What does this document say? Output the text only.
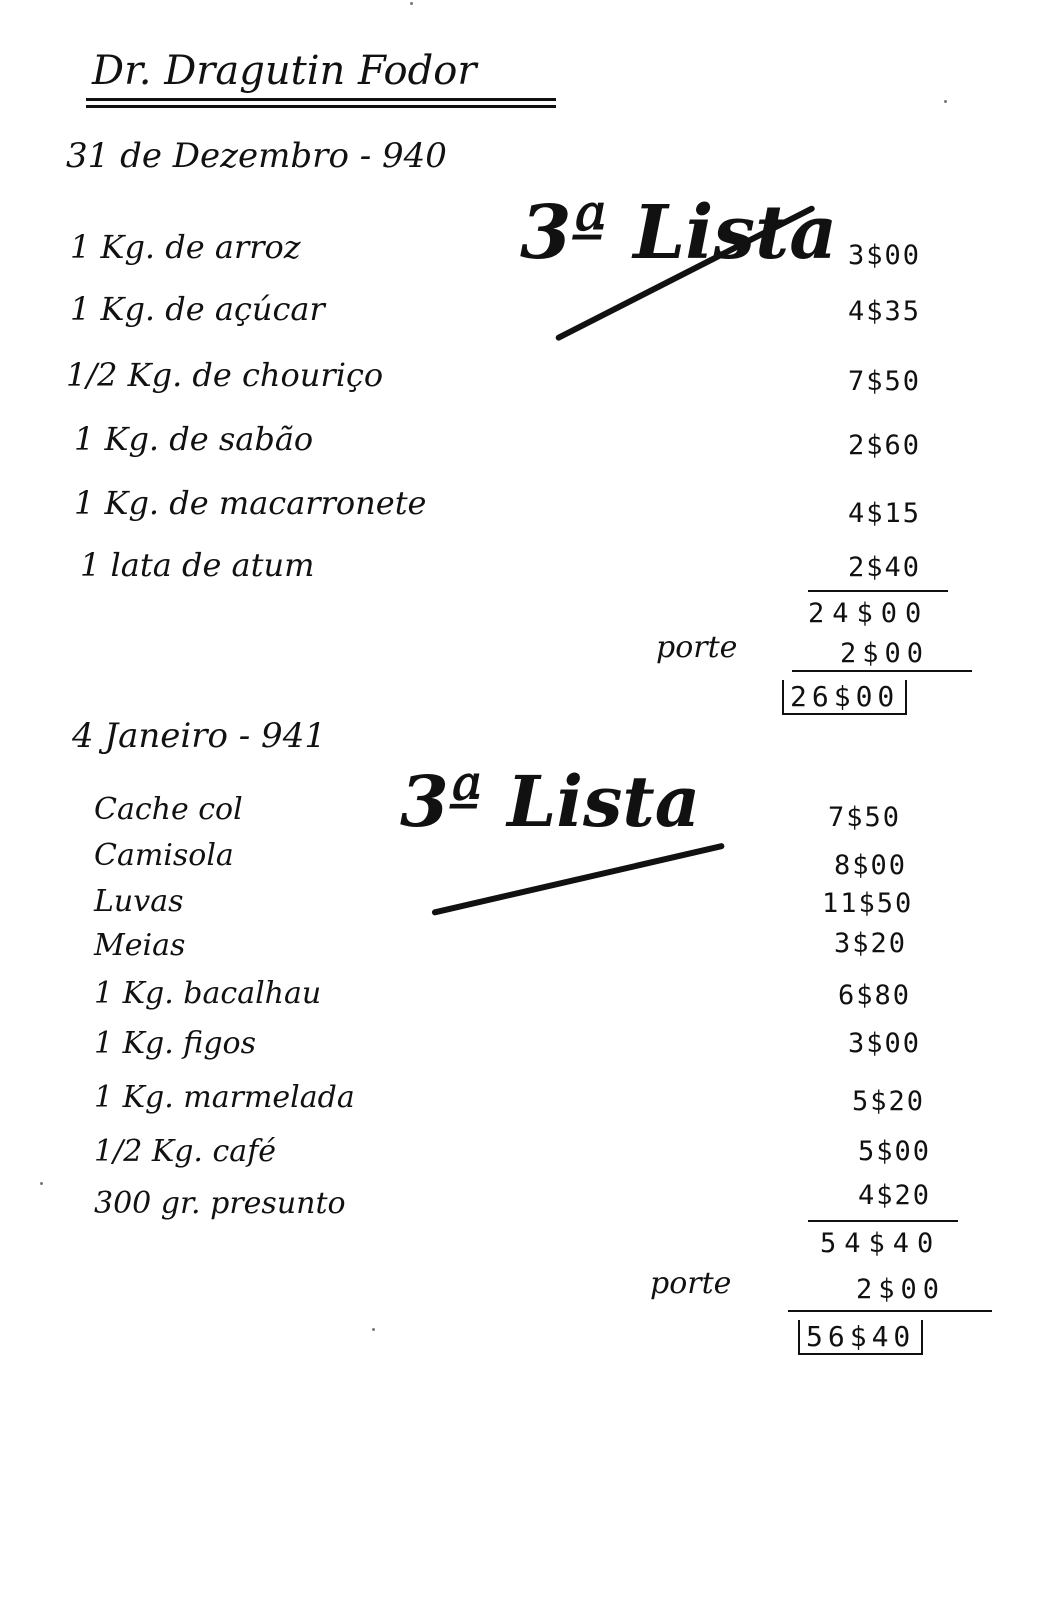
Dr. Dragutin Fodor
31 de Dezembro - 940
3ª Lista
1 Kg. de arroz	3$00
1 Kg. de açúcar	4$35
1/2 Kg. de chouriço	7$50
1 Kg. de sabão	2$60
1 Kg. de macarronete	4$15
1 lata de atum	2$40
24$00
porte	2$00
26$00
4 Janeiro - 941
3ª Lista
Cache col	7$50
Camisola	8$00
Luvas	11$50
Meias	3$20
1 Kg. bacalhau	6$80
1 Kg. figos	3$00
1 Kg. marmelada	5$20
1/2 Kg. café	5$00
300 gr. presunto	4$20
54$40
porte	2$00
56$40
